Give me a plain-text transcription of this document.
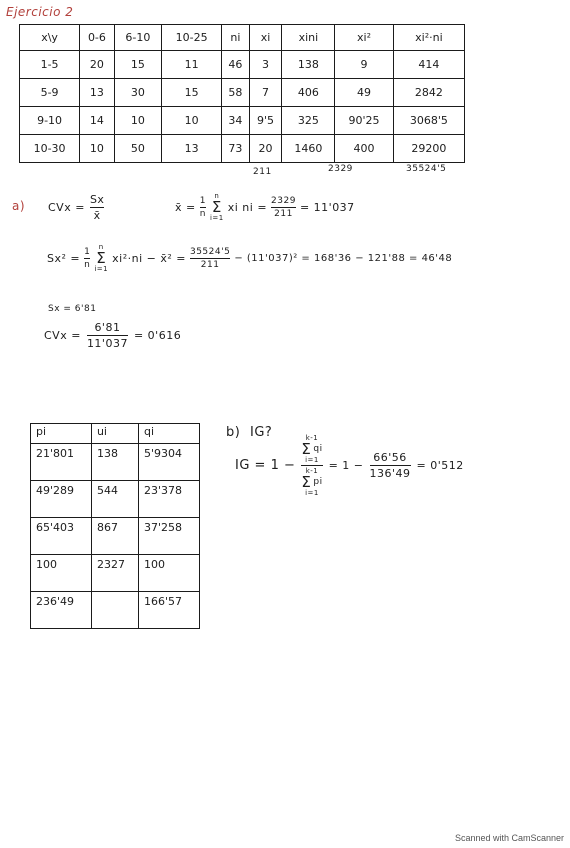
Ejercicio 2
x\y	0-6	6-10	10-25	ni	xi	xini	xi²	xi²·ni
1-5	20	15	11	46	3	138	9	414
5-9	13	30	15	58	7	406	49	2842
9-10	14	10	10	34	9'5	325	90'25	3068'5
10-30	10	50	13	73	20	1460	400	29200
211	2329	35524'5
a) CVx = $\frac{Sx}{x̄}$	x̄ = $\frac{1}{n}$ n
Σ
i=1
xi ni = $\frac{2329}{211} = 11'037$
$Sx^2 = \frac{1}{n}$ n
Σ
i=1
xi²·ni − x̄² = $\frac{35524'5}{211} - (11'037)^2 = 168'36 - 121'88 = 46'48$
Sx = 6'81
CVx = $\frac{6'81}{11'037} = 0'616$
pi	ui	qi
21'801	138	5'9304
49'289	544	23'378
65'403	867	37'258
100	2327	100
236'49		166'57
b) IG?
IG = 1 − k-1
Σ qi
i=1
k-1
Σ pi
$i=1 = 1 - \frac{66'56}{136'49} = 0'512$
Scanned with CamScanner
